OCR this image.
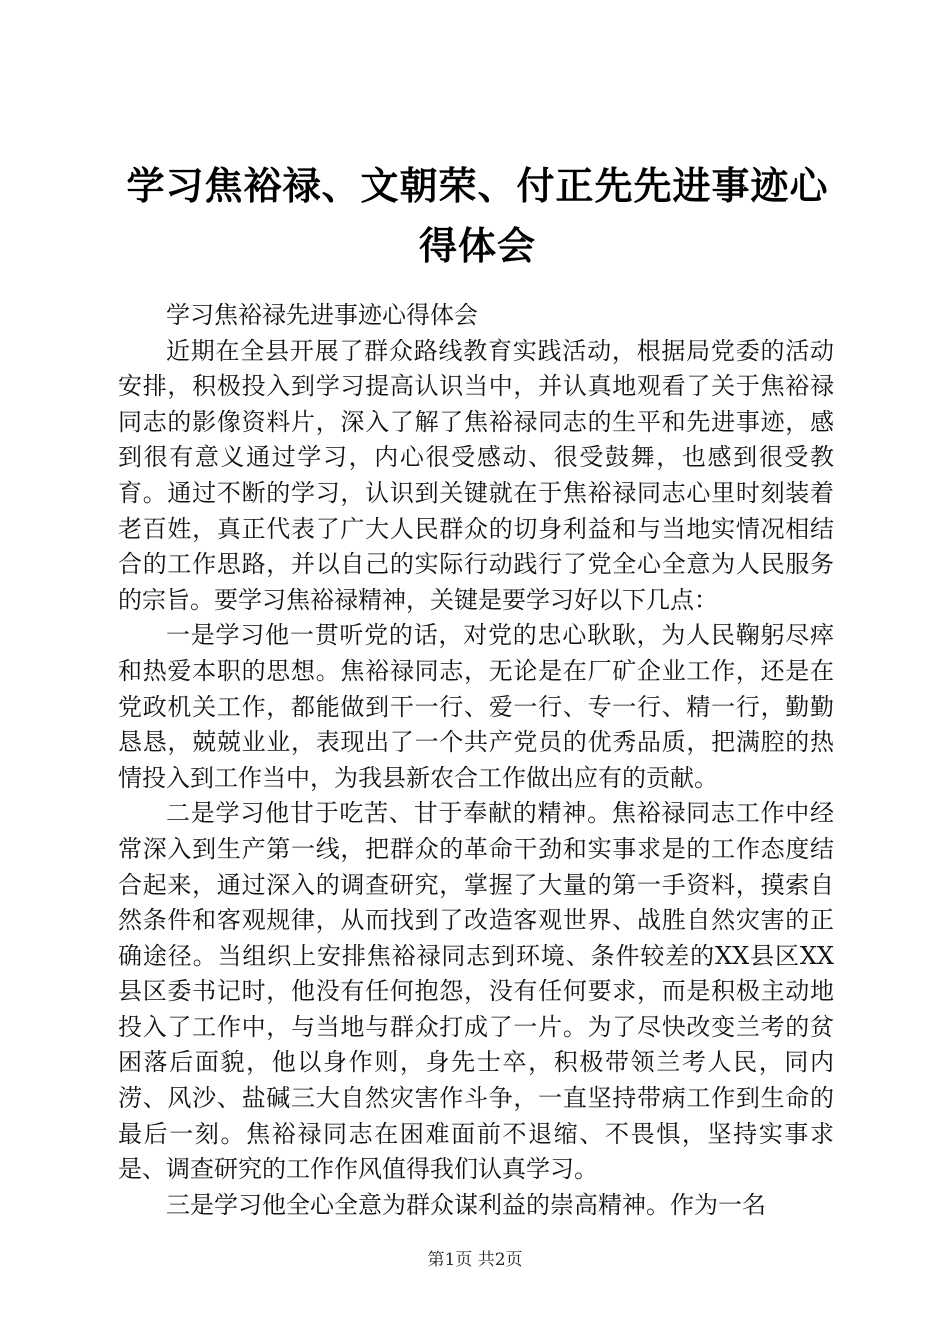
学习焦裕禄、文朝荣、付正先先进事迹心得体会

学习焦裕禄先进事迹心得体会

近期在全县开展了群众路线教育实践活动，根据局党委的活动安排，积极投入到学习提高认识当中，并认真地观看了关于焦裕禄同志的影像资料片，深入了解了焦裕禄同志的生平和先进事迹，感到很有意义通过学习，内心很受感动、很受鼓舞，也感到很受教育。通过不断的学习，认识到关键就在于焦裕禄同志心里时刻装着老百姓，真正代表了广大人民群众的切身利益和与当地实情况相结合的工作思路，并以自己的实际行动践行了党全心全意为人民服务的宗旨。要学习焦裕禄精神，关键是要学习好以下几点：

一是学习他一贯听党的话，对党的忠心耿耿，为人民鞠躬尽瘁和热爱本职的思想。焦裕禄同志，无论是在厂矿企业工作，还是在党政机关工作，都能做到干一行、爱一行、专一行、精一行，勤勤恳恳，兢兢业业，表现出了一个共产党员的优秀品质，把满腔的热情投入到工作当中，为我县新农合工作做出应有的贡献。

二是学习他甘于吃苦、甘于奉献的精神。焦裕禄同志工作中经常深入到生产第一线，把群众的革命干劲和实事求是的工作态度结合起来，通过深入的调查研究，掌握了大量的第一手资料，摸索自然条件和客观规律，从而找到了改造客观世界、战胜自然灾害的正确途径。当组织上安排焦裕禄同志到环境、条件较差的XX县区XX县区委书记时，他没有任何抱怨，没有任何要求，而是积极主动地投入了工作中，与当地与群众打成了一片。为了尽快改变兰考的贫困落后面貌，他以身作则，身先士卒，积极带领兰考人民，同内涝、风沙、盐碱三大自然灾害作斗争，一直坚持带病工作到生命的最后一刻。焦裕禄同志在困难面前不退缩、不畏惧，坚持实事求是、调查研究的工作作风值得我们认真学习。

三是学习他全心全意为群众谋利益的崇高精神。作为一名

第1页 共2页
